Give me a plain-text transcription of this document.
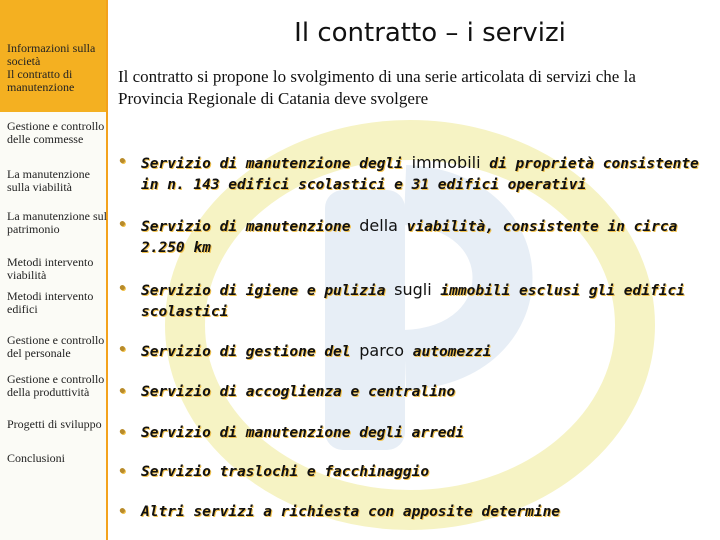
Informazioni sulla società
Il contratto di manutenzione
Gestione e controllo delle commesse
La manutenzione sulla viabilità
La manutenzione sul patrimonio
Metodi intervento viabilità
Metodi intervento edifici
Gestione e controllo del personale
Gestione e controllo della produttività
Progetti di sviluppo
Conclusioni
Il contratto – i servizi
Il contratto si propone lo svolgimento di una serie articolata di servizi che la Provincia Regionale di Catania deve svolgere
• Servizio di manutenzione degli immobili di proprietà consistente in n. 143 edifici scolastici e 31 edifici operativi
• Servizio di manutenzione della viabilità, consistente in circa 2.250 km
• Servizio di igiene e pulizia sugli immobili esclusi gli edifici scolastici
• Servizio di gestione del parco automezzi
• Servizio di accoglienza e centralino
• Servizio di manutenzione degli arredi
• Servizio traslochi e facchinaggio
• Altri servizi a richiesta con apposite determine
